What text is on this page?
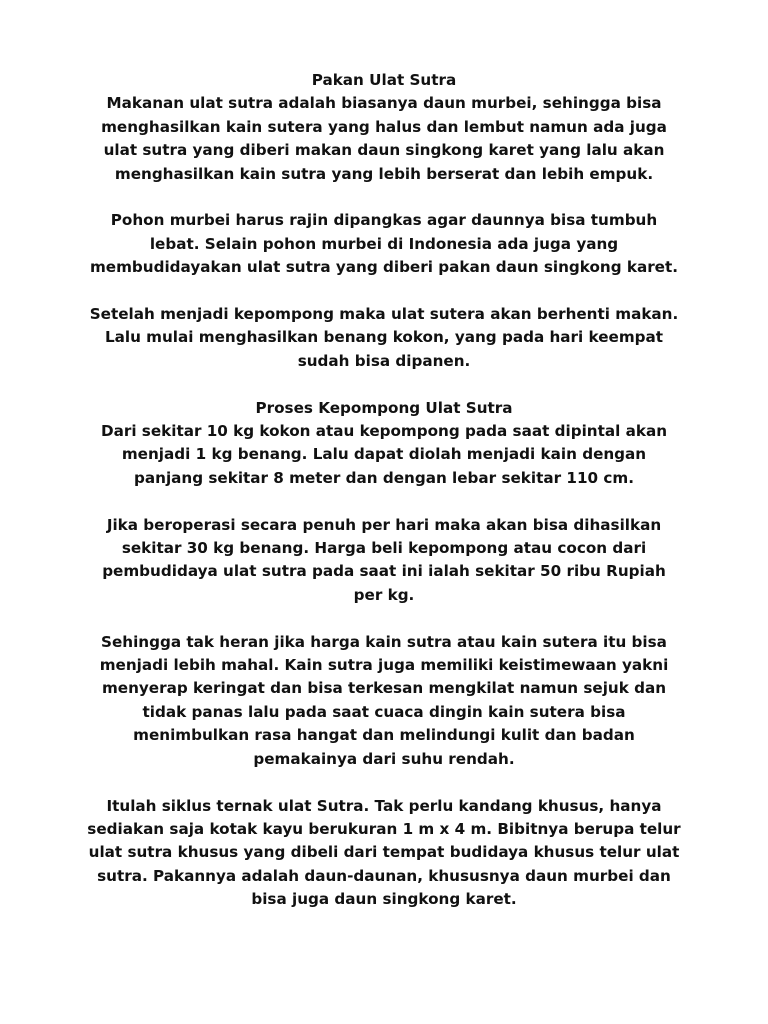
Pakan Ulat Sutra
Makanan ulat sutra adalah biasanya daun murbei, sehingga bisa menghasilkan kain sutera yang halus dan lembut namun ada juga ulat sutra yang diberi makan daun singkong karet yang lalu akan menghasilkan kain sutra yang lebih berserat dan lebih empuk.
Pohon murbei harus rajin dipangkas agar daunnya bisa tumbuh lebat. Selain pohon murbei di Indonesia ada juga yang membudidayakan ulat sutra yang diberi pakan daun singkong karet.
Setelah menjadi kepompong maka ulat sutera akan berhenti makan. Lalu mulai menghasilkan benang kokon, yang pada hari keempat sudah bisa dipanen.
Proses Kepompong Ulat Sutra
Dari sekitar 10 kg kokon atau kepompong pada saat dipintal akan menjadi 1 kg benang. Lalu dapat diolah menjadi kain dengan panjang sekitar 8 meter dan dengan lebar sekitar 110 cm.
Jika beroperasi secara penuh per hari maka akan bisa dihasilkan sekitar 30 kg benang. Harga beli kepompong atau cocon dari pembudidaya ulat sutra pada saat ini ialah sekitar 50 ribu Rupiah per kg.
Sehingga tak heran jika harga kain sutra atau kain sutera itu bisa menjadi lebih mahal. Kain sutra juga memiliki keistimewaan yakni menyerap keringat dan bisa terkesan mengkilat namun sejuk dan tidak panas lalu pada saat cuaca dingin kain sutera bisa menimbulkan rasa hangat dan melindungi kulit dan badan pemakainya dari suhu rendah.
Itulah siklus ternak ulat Sutra. Tak perlu kandang khusus, hanya sediakan saja kotak kayu berukuran 1 m x 4 m. Bibitnya berupa telur ulat sutra khusus yang dibeli dari tempat budidaya khusus telur ulat sutra. Pakannya adalah daun-daunan, khususnya daun murbei dan bisa juga daun singkong karet.
